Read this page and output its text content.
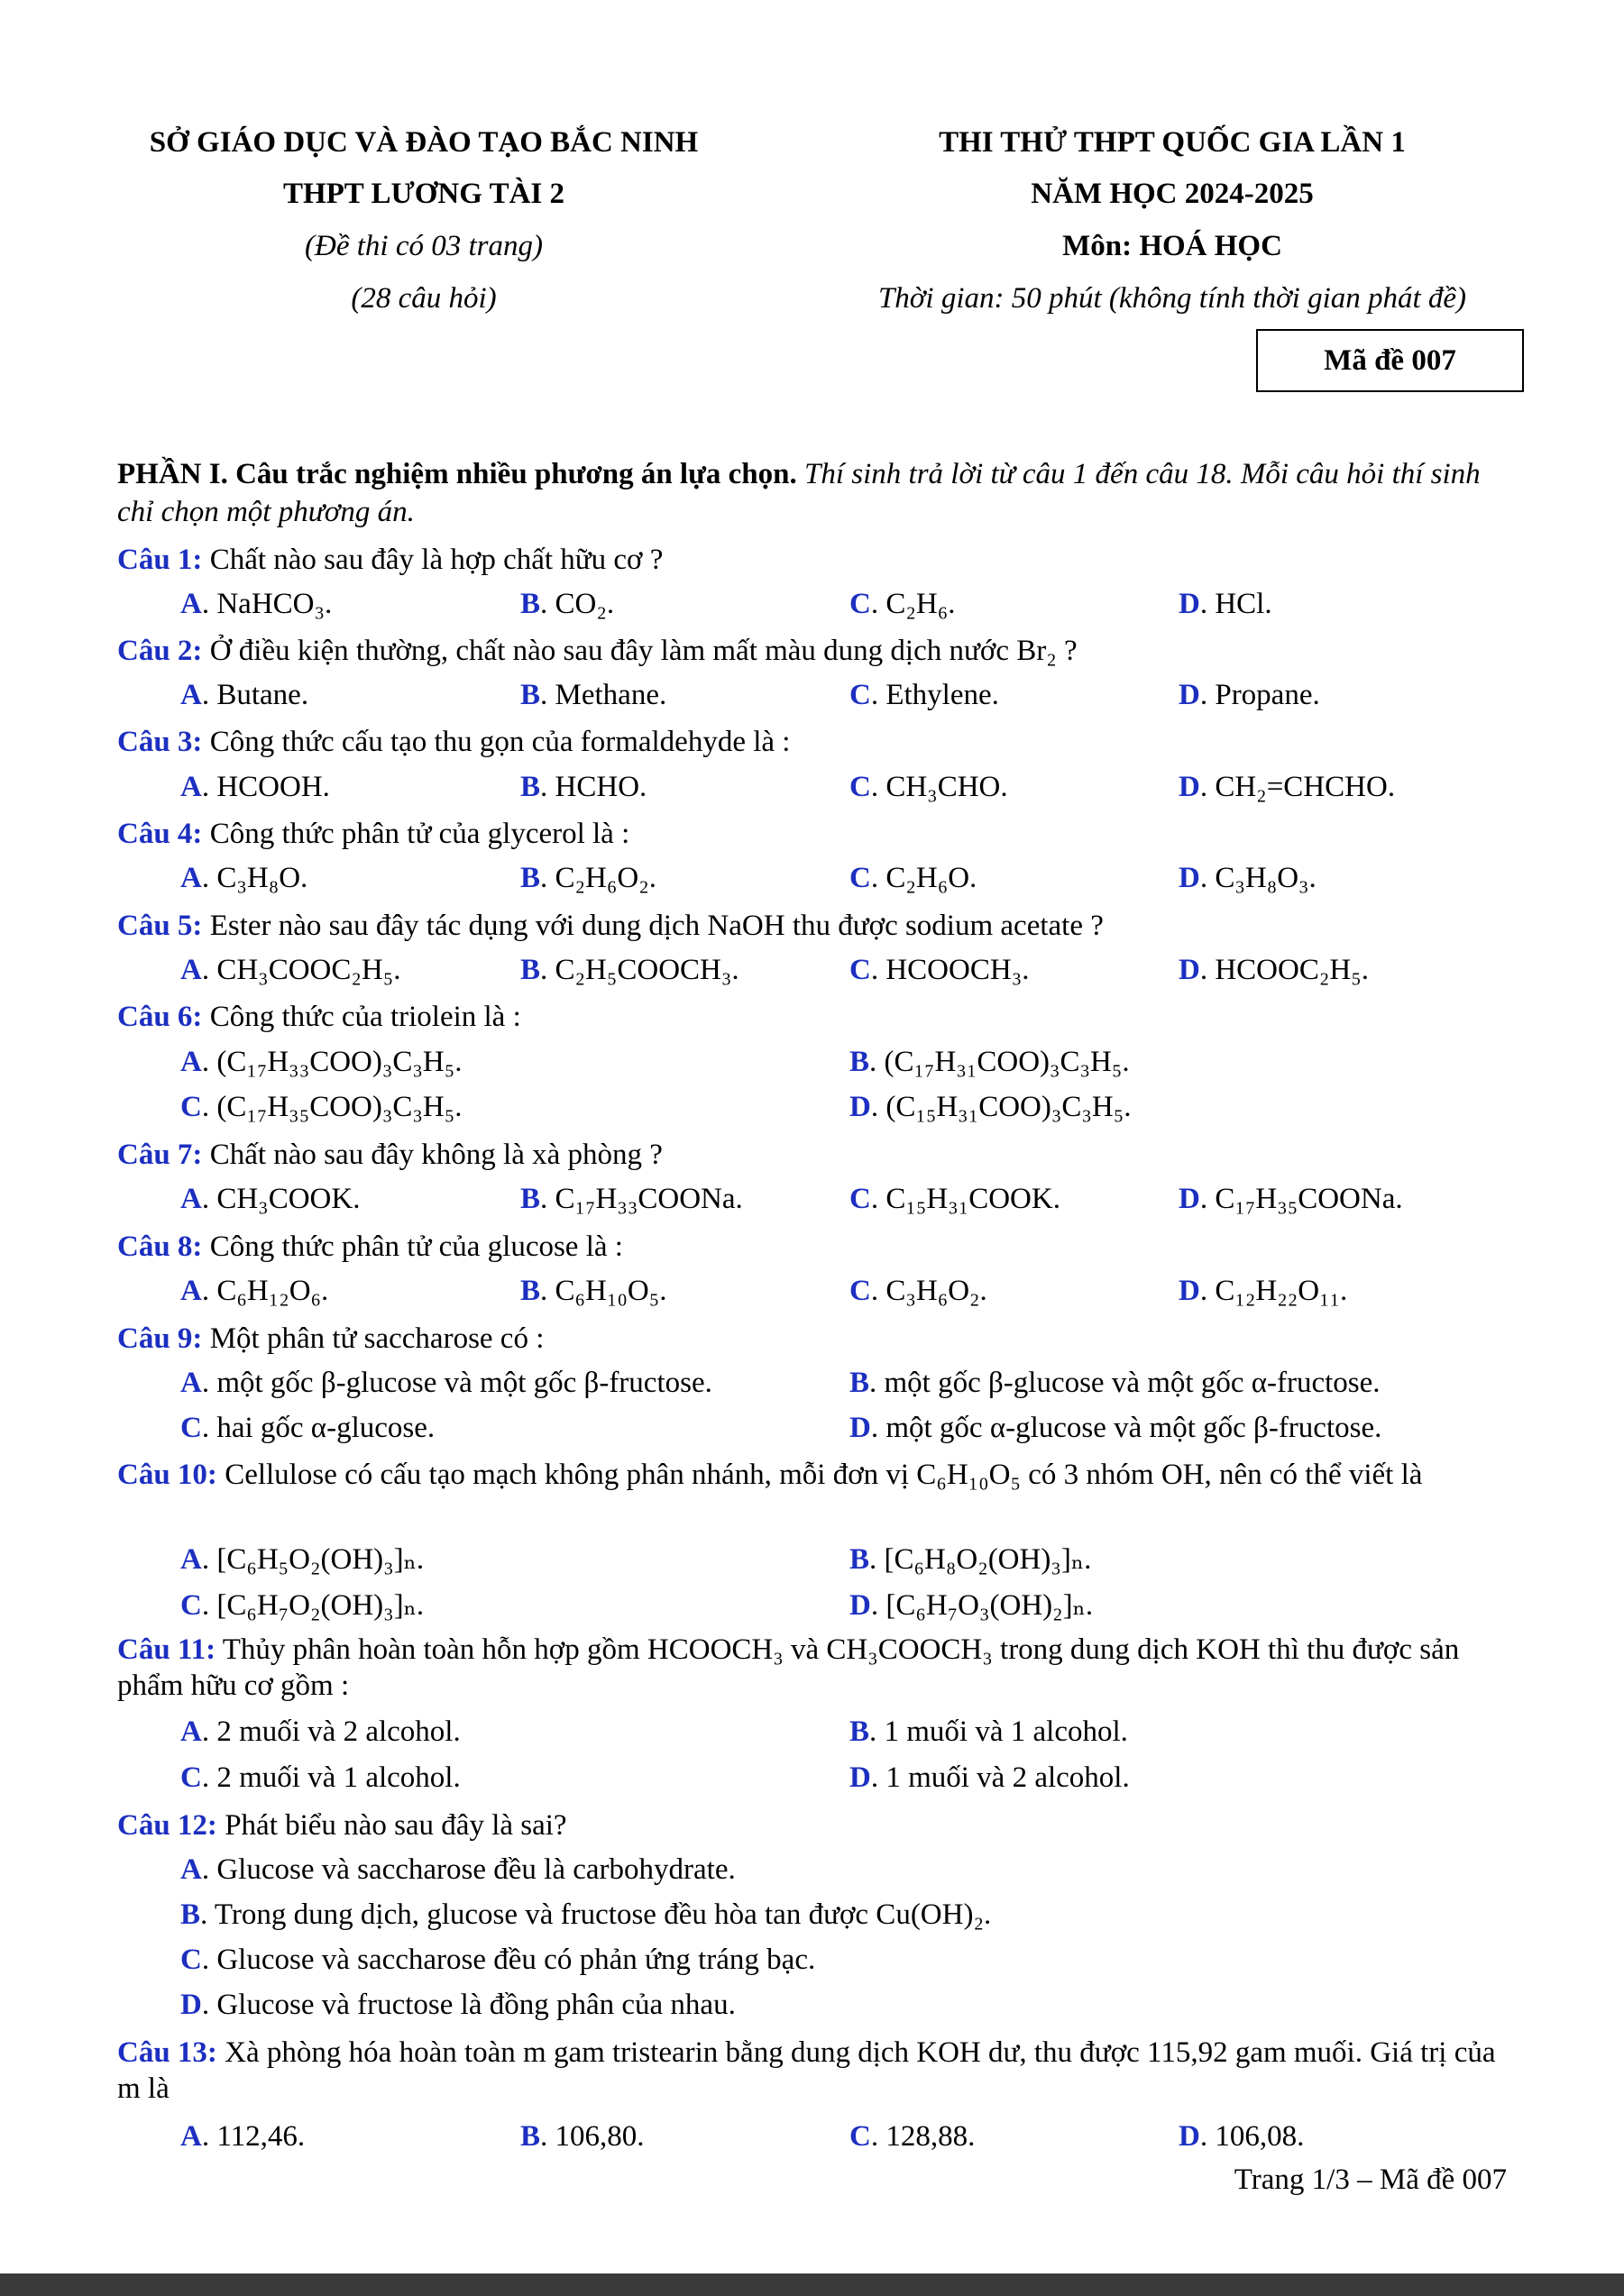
SỞ GIÁO DỤC VÀ ĐÀO TẠO BẮC NINH
THPT LƯƠNG TÀI 2
(Đề thi có 03 trang)
(28 câu hỏi)
THI THỬ THPT QUỐC GIA LẦN 1
NĂM HỌC 2024-2025
Môn: HOÁ HỌC
Thời gian: 50 phút (không tính thời gian phát đề)
Mã đề 007
PHẦN I. Câu trắc nghiệm nhiều phương án lựa chọn. Thí sinh trả lời từ câu 1 đến câu 18. Mỗi câu hỏi thí sinh chỉ chọn một phương án.
Câu 1: Chất nào sau đây là hợp chất hữu cơ ?
A. NaHCO₃.	B. CO₂.	C. C₂H₆.	D. HCl.
Câu 2: Ở điều kiện thường, chất nào sau đây làm mất màu dung dịch nước Br₂ ?
A. Butane.	B. Methane.	C. Ethylene.	D. Propane.
Câu 3: Công thức cấu tạo thu gọn của formaldehyde là :
A. HCOOH.	B. HCHO.	C. CH₃CHO.	D. CH₂=CHCHO.
Câu 4: Công thức phân tử của glycerol là :
A. C₃H₈O.	B. C₂H₆O₂.	C. C₂H₆O.	D. C₃H₈O₃.
Câu 5: Ester nào sau đây tác dụng với dung dịch NaOH thu được sodium acetate ?
A. CH₃COOC₂H₅.	B. C₂H₅COOCH₃.	C. HCOOCH₃.	D. HCOOC₂H₅.
Câu 6: Công thức của triolein là :
A. (C₁₇H₃₃COO)₃C₃H₅.	B. (C₁₇H₃₁COO)₃C₃H₅.
C. (C₁₇H₃₅COO)₃C₃H₅.	D. (C₁₅H₃₁COO)₃C₃H₅.
Câu 7: Chất nào sau đây không là xà phòng ?
A. CH₃COOK.	B. C₁₇H₃₃COONa.	C. C₁₅H₃₁COOK.	D. C₁₇H₃₅COONa.
Câu 8: Công thức phân tử của glucose là :
A. C₆H₁₂O₆.	B. C₆H₁₀O₅.	C. C₃H₆O₂.	D. C₁₂H₂₂O₁₁.
Câu 9: Một phân tử saccharose có :
A. một gốc β-glucose và một gốc β-fructose.	B. một gốc β-glucose và một gốc α-fructose.
C. hai gốc α-glucose.	D. một gốc α-glucose và một gốc β-fructose.
Câu 10: Cellulose có cấu tạo mạch không phân nhánh, mỗi đơn vị C₆H₁₀O₅ có 3 nhóm OH, nên có thể viết là
A. [C₆H₅O₂(OH)₃]ₙ.	B. [C₆H₈O₂(OH)₃]ₙ.
C. [C₆H₇O₂(OH)₃]ₙ.	D. [C₆H₇O₃(OH)₂]ₙ.
Câu 11: Thủy phân hoàn toàn hỗn hợp gồm HCOOCH₃ và CH₃COOCH₃ trong dung dịch KOH thì thu được sản phẩm hữu cơ gồm :
A. 2 muối và 2 alcohol.	B. 1 muối và 1 alcohol.
C. 2 muối và 1 alcohol.	D. 1 muối và 2 alcohol.
Câu 12: Phát biểu nào sau đây là sai?
A. Glucose và saccharose đều là carbohydrate.
B. Trong dung dịch, glucose và fructose đều hòa tan được Cu(OH)₂.
C. Glucose và saccharose đều có phản ứng tráng bạc.
D. Glucose và fructose là đồng phân của nhau.
Câu 13: Xà phòng hóa hoàn toàn m gam tristearin bằng dung dịch KOH dư, thu được 115,92 gam muối. Giá trị của m là
A. 112,46.	B. 106,80.	C. 128,88.	D. 106,08.
Trang 1/3 – Mã đề 007
